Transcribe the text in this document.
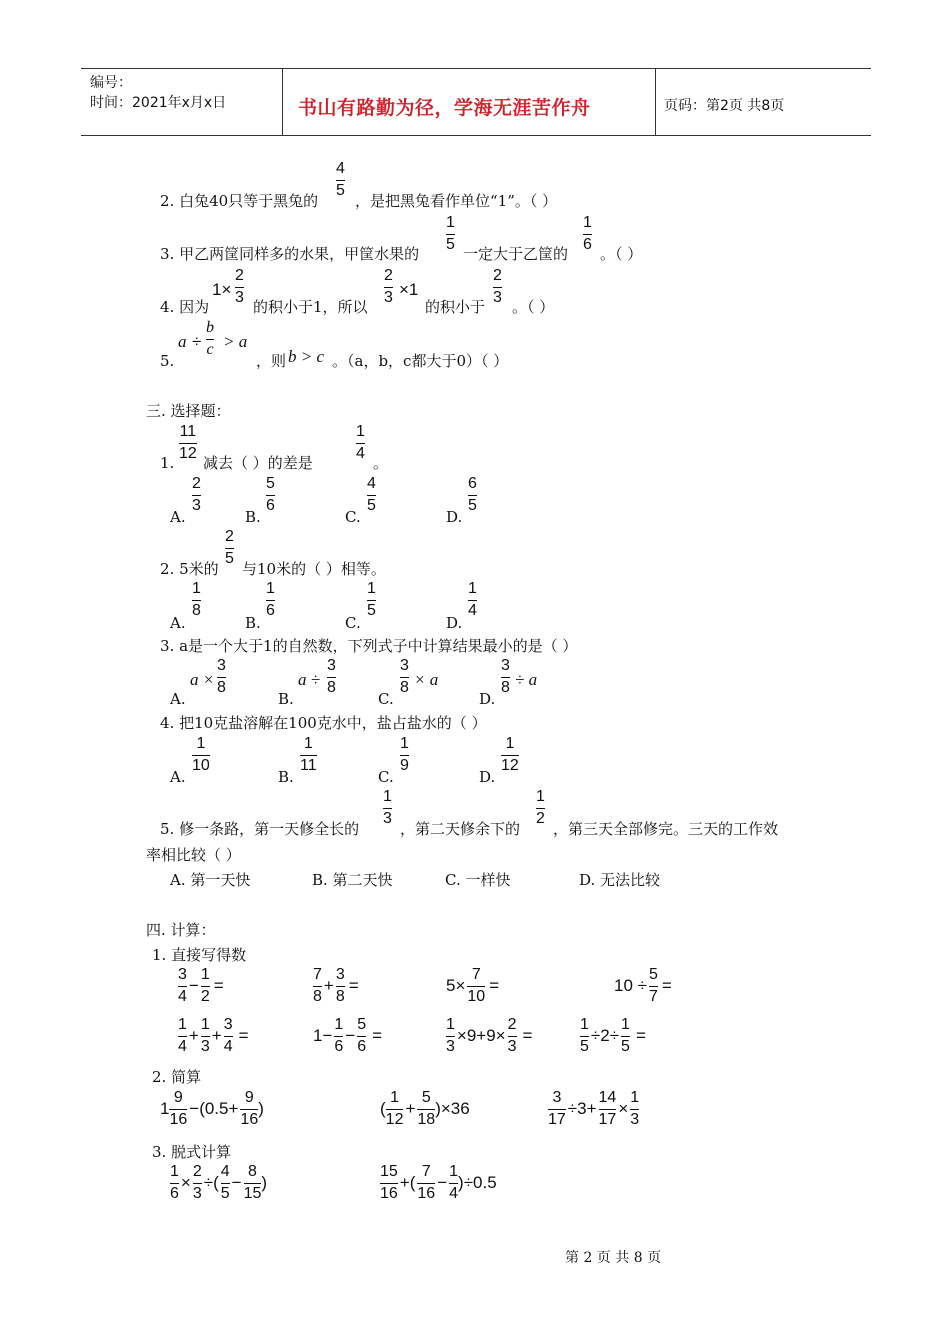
编号：
时间：2021年x月x日	书山有路勤为径，学海无涯苦作舟	页码：第2页 共8页
2. 白兔40只等于黑兔的
4
5
，是把黑兔看作单位“1”。（ ）
3. 甲乙两筐同样多的水果，甲筐水果的
1
5
一定大于乙筐的
1
6
。（ ）
4. 因为
1×
2
3
的积小于1，所以
2
3 ×1
的积小于
2
3
。（ ）
5.
a ÷
b
c > a
，则 b > c 。（a，b，c都大于0）（ ）
三. 选择题：
1.
11
12
减去（ ）的差是
1
4
。
A.
2
3
B.
5
6
C.
4
5
D.
6
5
2. 5米的
2
5
与10米的（ ）相等。
A.
1
8
B.
1
6
C.
1
5
D.
1
4
3. a是一个大于1的自然数，下列式子中计算结果最小的是（ ）
A.
a ×
3
8
B.
a ÷
3
8
C.
3
8 × a
D.
3
8 ÷ a
4. 把10克盐溶解在100克水中，盐占盐水的（ ）
A.
1
10
B.
1
11
C.
1
9
D.
1
12
5. 修一条路，第一天修全长的
1
3
，第二天修余下的
1
2
，第三天全部修完。三天的工作效
率相比较（ ）
A. 第一天快	B. 第二天快	C. 一样快	D. 无法比较
四. 计算：
1. 直接写得数
$\frac{3}{4} - \frac{1}{2}$ =	$\frac{7}{8} + \frac{3}{8}$ =	$5\times \frac{7}{10}$ =	$10 \div \frac{5}{7}$ =
$\frac{1}{4} + \frac{1}{3} + \frac{3}{4}$ =	$1- \frac{1}{6} - \frac{5}{6}$ =	$\frac{1}{3} \times 9+9\times \frac{2}{3}$ =	$\frac{1}{5} \div 2\div \frac{1}{5}$ =
2. 简算
$1 \frac{9}{16} -(0.5+ \frac{9}{16}$ )	( $\frac{1}{12} + \frac{5}{18} )\times 36$	$\frac{3}{17} \div 3+ \frac{14}{17} \times \frac{1}{3}$
3. 脱式计算
$\frac{1}{6} \times \frac{2}{3}$ ÷( $\frac{4}{5} - \frac{8}{15}$ )	$\frac{15}{16}$ +( $\frac{7}{16} - \frac{1}{4} )\div 0.5$
第 2 页 共 8 页
